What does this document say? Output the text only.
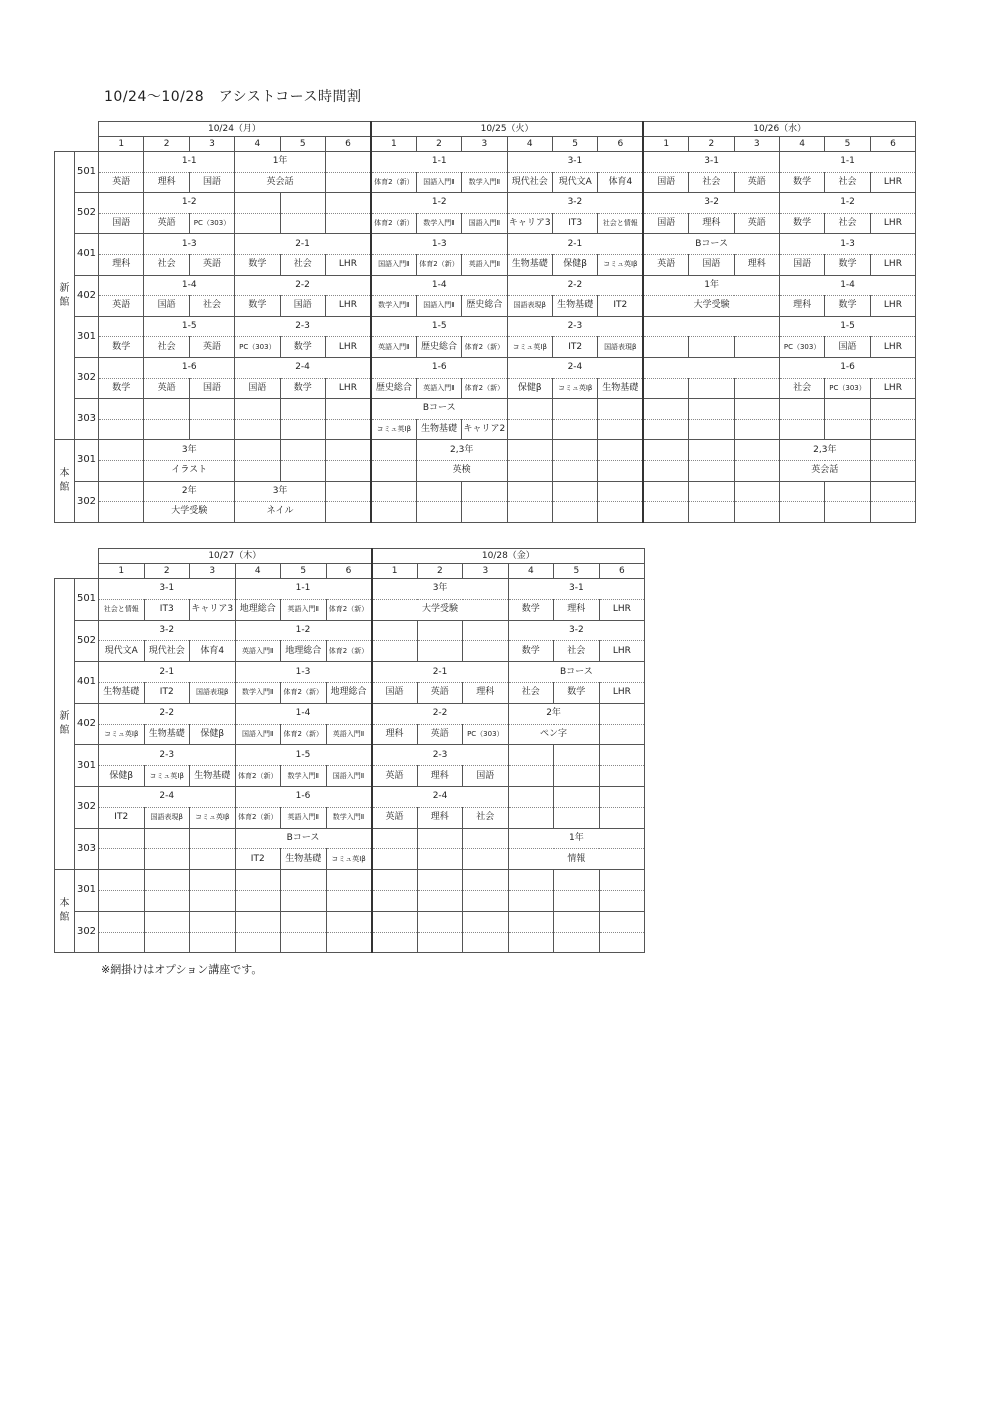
10/24〜10/28　アシストコース時間割
		10/24（月）						10/25（火）						10/26（水）					
		1	2	3	4	5	6	1	2	3	4	5	6	1	2	3	4	5	6
新館	501		1-1		1年			1-1			3-1			3-1			1-1		
		英語	理科	国語	英会話			体育2（新）	国語入門Ⅱ	数学入門Ⅱ	現代社会	現代文A	体育4	国語	社会	英語	数学	社会	LHR
	502		1-2					1-2			3-2			3-2			1-2		
		国語	英語	PC（303）				体育2（新）	数学入門Ⅱ	国語入門Ⅱ	キャリア3	IT3	社会と情報	国語	理科	英語	数学	社会	LHR
	401		1-3		2-1			1-3			2-1			Bコース			1-3		
		理科	社会	英語	数学	社会	LHR	国語入門Ⅱ	体育2（新）	英語入門Ⅱ	生物基礎	保健β	コミュ英Ⅰβ	英語	国語	理科	国語	数学	LHR
	402		1-4		2-2			1-4			2-2			1年			1-4		
		英語	国語	社会	数学	国語	LHR	数学入門Ⅱ	国語入門Ⅱ	歴史総合	国語表現β	生物基礎	IT2	大学受験			理科	数学	LHR
	301		1-5		2-3			1-5			2-3						1-5		
		数学	社会	英語	PC（303）	数学	LHR	英語入門Ⅱ	歴史総合	体育2（新）	コミュ英Ⅰβ	IT2	国語表現β				PC（303）	国語	LHR
	302		1-6		2-4			1-6			2-4						1-6		
		数学	英語	国語	国語	数学	LHR	歴史総合	英語入門Ⅱ	体育2（新）	保健β	コミュ英Ⅰβ	生物基礎				社会	PC（303）	LHR
	303							Bコース											
								コミュ英Ⅰβ	生物基礎	キャリア2									
本館	301		3年						2,3年								2,3年		
			イラスト						英検								英会話		
	302		2年		3年														
			大学受験		ネイル														
		10/27（木）						10/28（金）					
		1	2	3	4	5	6	1	2	3	4	5	6
新館	501	3-1			1-1			3年			3-1		
		社会と情報	IT3	キャリア3	地理総合	英語入門Ⅱ	体育2（新）	大学受験			数学	理科	LHR
	502	3-2			1-2						3-2		
		現代文A	現代社会	体育4	英語入門Ⅱ	地理総合	体育2（新）				数学	社会	LHR
	401	2-1			1-3			2-1			Bコース		
		生物基礎	IT2	国語表現β	数学入門Ⅱ	体育2（新）	地理総合	国語	英語	理科	社会	数学	LHR
	402	2-2			1-4			2-2			2年		
		コミュ英Ⅰβ	生物基礎	保健β	国語入門Ⅱ	体育2（新）	英語入門Ⅱ	理科	英語	PC（303）	ペン字		
	301	2-3			1-5			2-3					
		保健β	コミュ英Ⅰβ	生物基礎	体育2（新）	数学入門Ⅱ	国語入門Ⅱ	英語	理科	国語			
	302	2-4			1-6			2-4					
		IT2	国語表現β	コミュ英Ⅰβ	体育2（新）	英語入門Ⅱ	数学入門Ⅱ	英語	理科	社会			
	303				Bコース						1年		
					IT2	生物基礎	コミュ英Ⅰβ				情報		
本館	301												

	302												

※網掛けはオプション講座です。
